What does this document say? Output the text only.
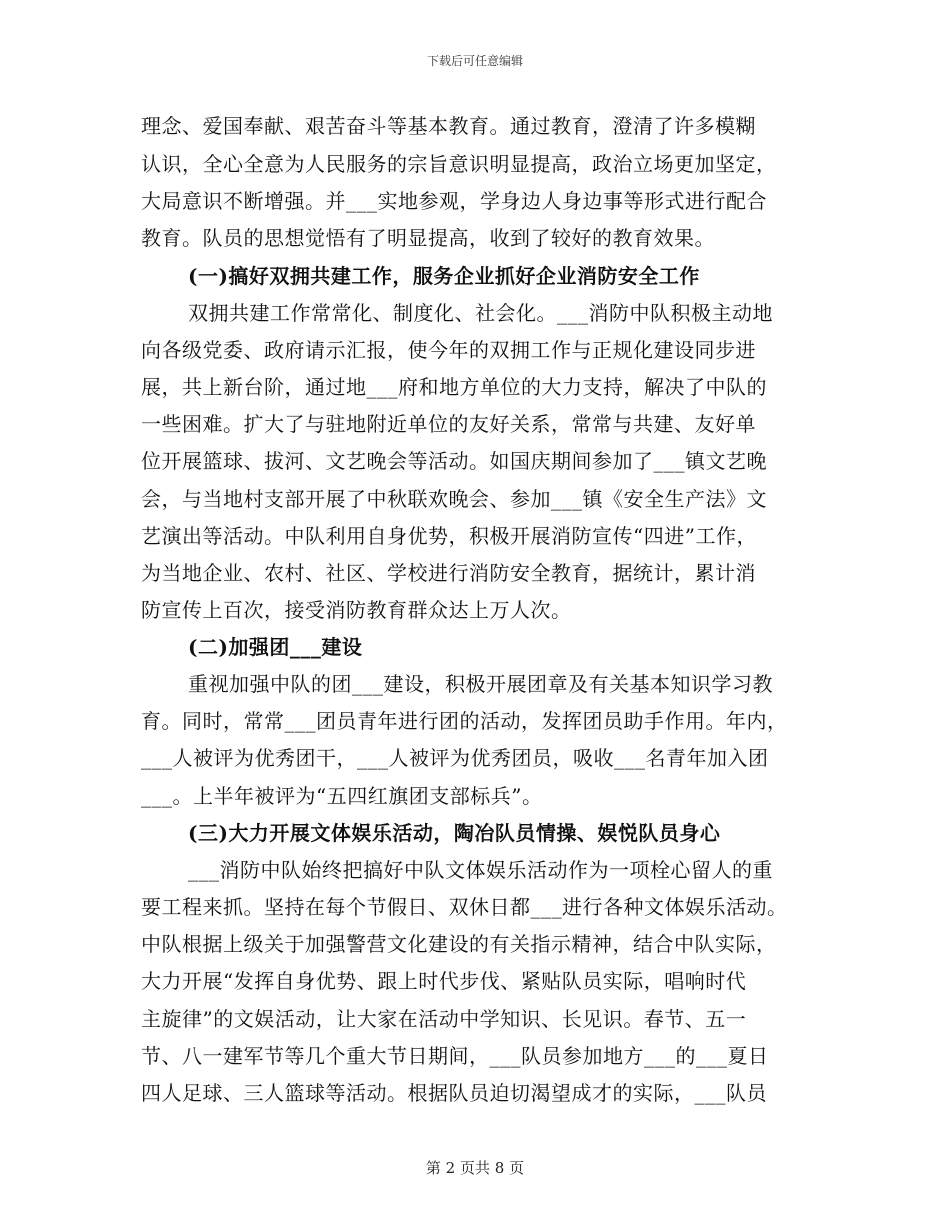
下载后可任意编辑
理念、爱国奉献、艰苦奋斗等基本教育。通过教育，澄清了许多模糊
认识，全心全意为人民服务的宗旨意识明显提高，政治立场更加坚定，
大局意识不断增强。并___实地参观，学身边人身边事等形式进行配合
教育。队员的思想觉悟有了明显提高，收到了较好的教育效果。
(一)搞好双拥共建工作，服务企业抓好企业消防安全工作
双拥共建工作常常化、制度化、社会化。___消防中队积极主动地
向各级党委、政府请示汇报，使今年的双拥工作与正规化建设同步进
展，共上新台阶，通过地___府和地方单位的大力支持，解决了中队的
一些困难。扩大了与驻地附近单位的友好关系，常常与共建、友好单
位开展篮球、拔河、文艺晚会等活动。如国庆期间参加了___镇文艺晚
会，与当地村支部开展了中秋联欢晚会、参加___镇《安全生产法》文
艺演出等活动。中队利用自身优势，积极开展消防宣传“四进”工作，
为当地企业、农村、社区、学校进行消防安全教育，据统计，累计消
防宣传上百次，接受消防教育群众达上万人次。
(二)加强团___建设
重视加强中队的团___建设，积极开展团章及有关基本知识学习教
育。同时，常常___团员青年进行团的活动，发挥团员助手作用。年内，
___人被评为优秀团干，___人被评为优秀团员，吸收___名青年加入团
___。上半年被评为“五四红旗团支部标兵”。
(三)大力开展文体娱乐活动，陶冶队员情操、娱悦队员身心
___消防中队始终把搞好中队文体娱乐活动作为一项栓心留人的重
要工程来抓。坚持在每个节假日、双休日都___进行各种文体娱乐活动。
中队根据上级关于加强警营文化建设的有关指示精神，结合中队实际，
大力开展“发挥自身优势、跟上时代步伐、紧贴队员实际，唱响时代
主旋律”的文娱活动，让大家在活动中学知识、长见识。春节、五一
节、八一建军节等几个重大节日期间，___队员参加地方___的___夏日
四人足球、三人篮球等活动。根据队员迫切渴望成才的实际，___队员
第 2 页共 8 页
